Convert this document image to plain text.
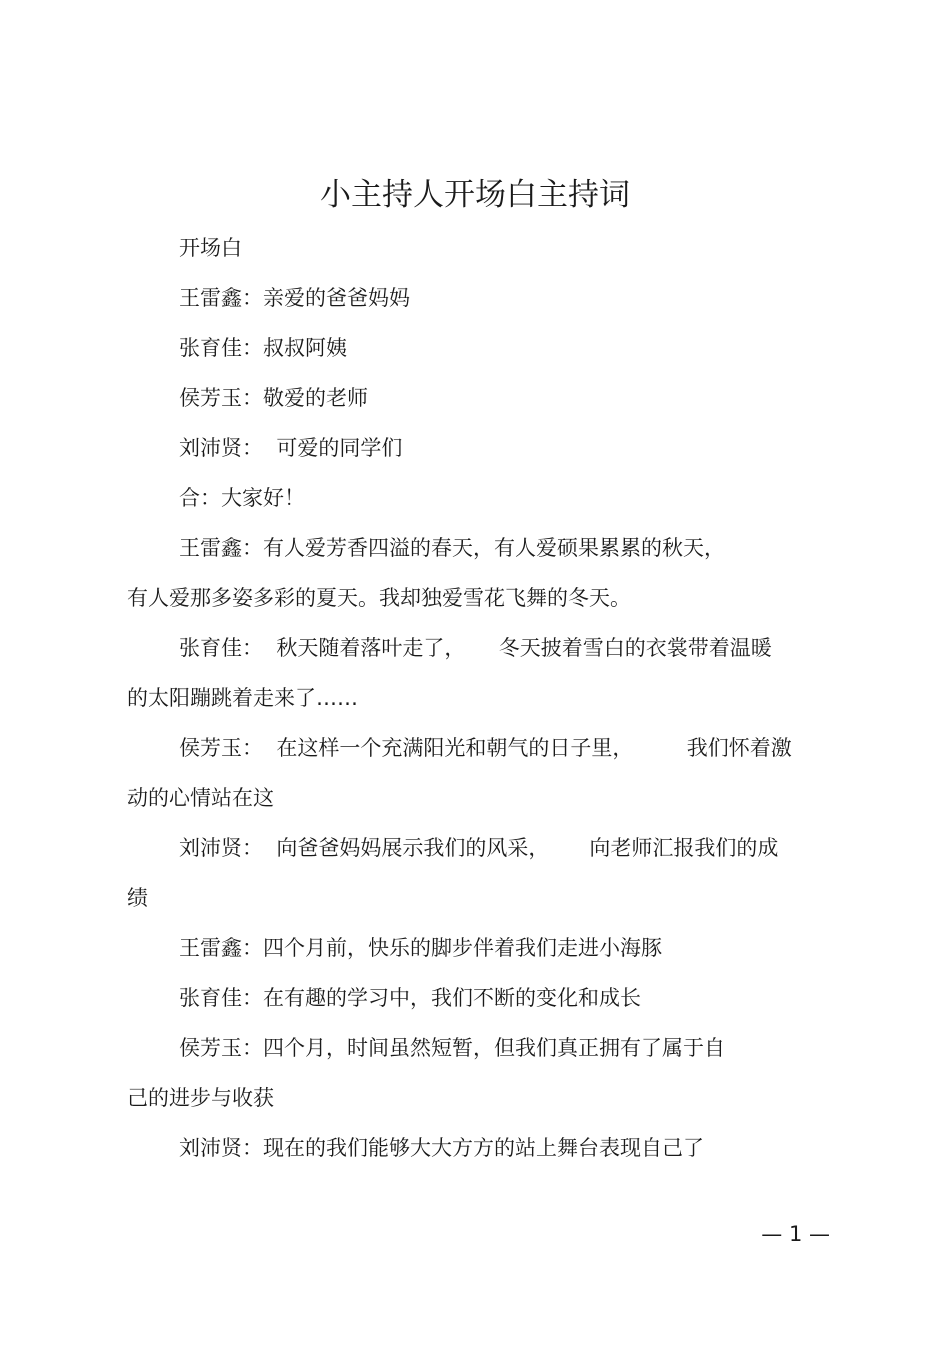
小主持人开场白主持词

开场白

王雷鑫：亲爱的爸爸妈妈

张育佳：叔叔阿姨

侯芳玉：敬爱的老师

刘沛贤：  可爱的同学们

合：大家好！

王雷鑫：有人爱芳香四溢的春天，有人爱硕果累累的秋天，

有人爱那多姿多彩的夏天。我却独爱雪花飞舞的冬天。

张育佳：  秋天随着落叶走了，     冬天披着雪白的衣裳带着温暖

的太阳蹦跳着走来了……

侯芳玉：  在这样一个充满阳光和朝气的日子里，        我们怀着激

动的心情站在这

刘沛贤：  向爸爸妈妈展示我们的风采，      向老师汇报我们的成

绩

王雷鑫：四个月前，快乐的脚步伴着我们走进小海豚

张育佳：在有趣的学习中，我们不断的变化和成长

侯芳玉：四个月，时间虽然短暂，但我们真正拥有了属于自

己的进步与收获

刘沛贤：现在的我们能够大大方方的站上舞台表现自己了

— 1 —
